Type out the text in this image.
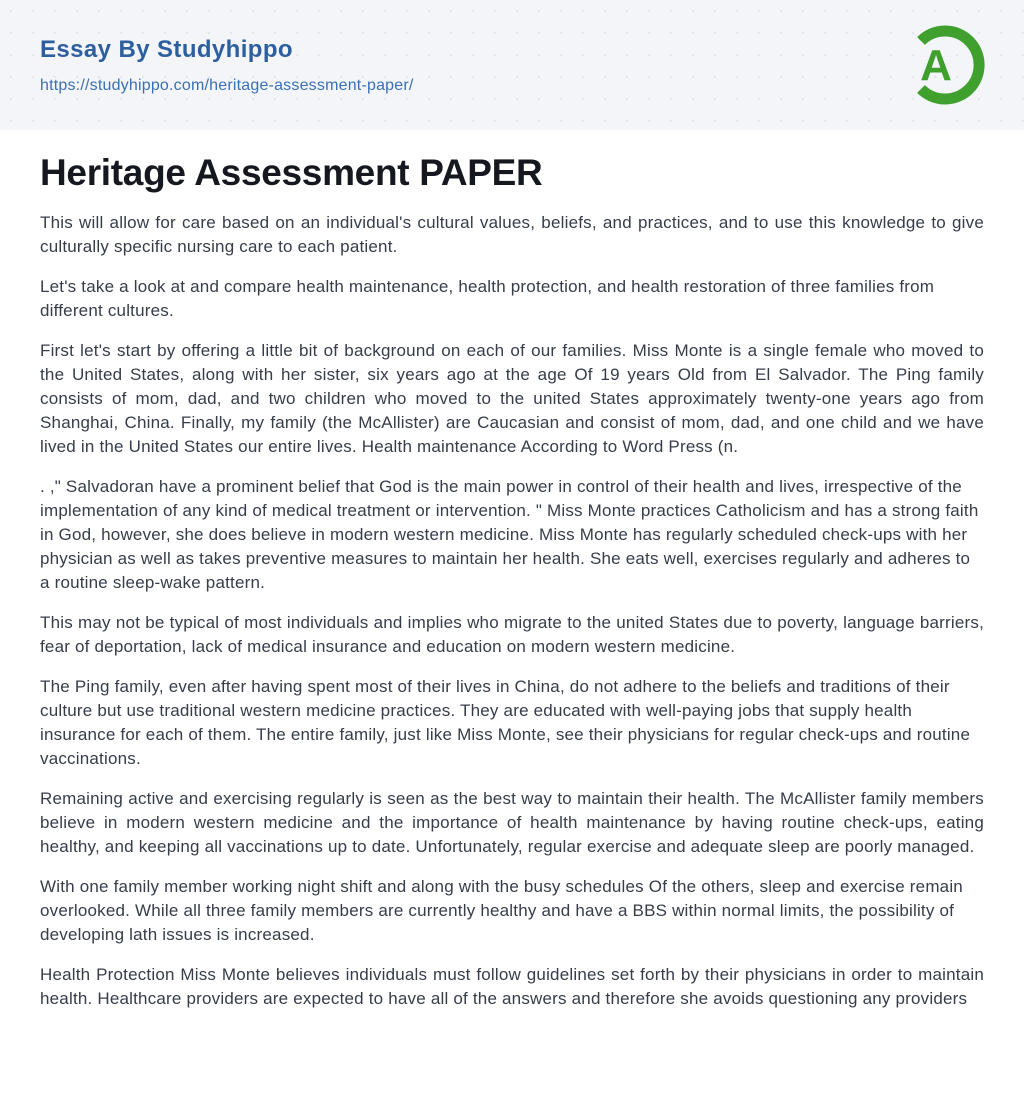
Essay By Studyhippo
https://studyhippo.com/heritage-assessment-paper/	A
Heritage Assessment PAPER

This will allow for care based on an individual's cultural values, beliefs, and practices, and to use this knowledge to give culturally specific nursing care to each patient.

Let's take a look at and compare health maintenance, health protection, and health restoration of three families from different cultures.

First let's start by offering a little bit of background on each of our families. Miss Monte is a single female who moved to the United States, along with her sister, six years ago at the age Of 19 years Old from El Salvador. The Ping family consists of mom, dad, and two children who moved to the united States approximately twenty-one years ago from Shanghai, China. Finally, my family (the McAllister) are Caucasian and consist of mom, dad, and one child and we have lived in the United States our entire lives. Health maintenance According to Word Press (n.

. ," Salvadoran have a prominent belief that God is the main power in control of their health and lives, irrespective of the implementation of any kind of medical treatment or intervention. " Miss Monte practices Catholicism and has a strong faith in God, however, she does believe in modern western medicine. Miss Monte has regularly scheduled check-ups with her physician as well as takes preventive measures to maintain her health. She eats well, exercises regularly and adheres to a routine sleep-wake pattern.

This may not be typical of most individuals and implies who migrate to the united States due to poverty, language barriers, fear of deportation, lack of medical insurance and education on modern western medicine.

The Ping family, even after having spent most of their lives in China, do not adhere to the beliefs and traditions of their culture but use traditional western medicine practices. They are educated with well-paying jobs that supply health insurance for each of them. The entire family, just like Miss Monte, see their physicians for regular check-ups and routine vaccinations.

Remaining active and exercising regularly is seen as the best way to maintain their health. The McAllister family members believe in modern western medicine and the importance of health maintenance by having routine check-ups, eating healthy, and keeping all vaccinations up to date. Unfortunately, regular exercise and adequate sleep are poorly managed.

With one family member working night shift and along with the busy schedules Of the others, sleep and exercise remain overlooked. While all three family members are currently healthy and have a BBS within normal limits, the possibility of developing lath issues is increased.

Health Protection Miss Monte believes individuals must follow guidelines set forth by their physicians in order to maintain health. Healthcare providers are expected to have all of the answers and therefore she avoids questioning any providers
